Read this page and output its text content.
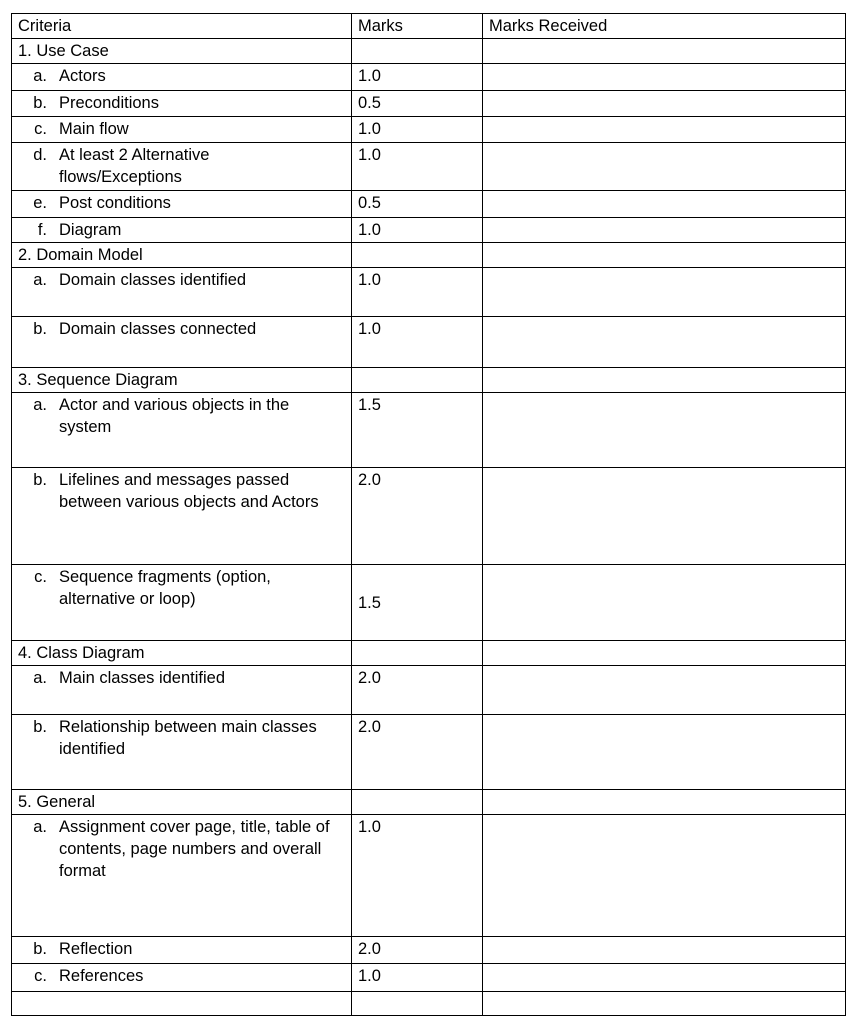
Criteria	Marks	Marks Received
1. Use Case		

a. Actors	1.0	

b. Preconditions	0.5	

c. Main flow	1.0	

d. At least 2 Alternative flows/Exceptions	1.0	

e. Post conditions	0.5	

f. Diagram	1.0	
2. Domain Model		

a. Domain classes identified	1.0	

b. Domain classes connected	1.0	
3. Sequence Diagram		

a. Actor and various objects in the system	1.5	

b. Lifelines and messages passed between various objects and Actors	2.0	

c. Sequence fragments (option, alternative or loop)	1.5	
4. Class Diagram		

a. Main classes identified	2.0	

b. Relationship between main classes identified	2.0	
5. General		

a. Assignment cover page, title, table of contents, page numbers and overall format	1.0	

b. Reflection	2.0	

c. References	1.0	
